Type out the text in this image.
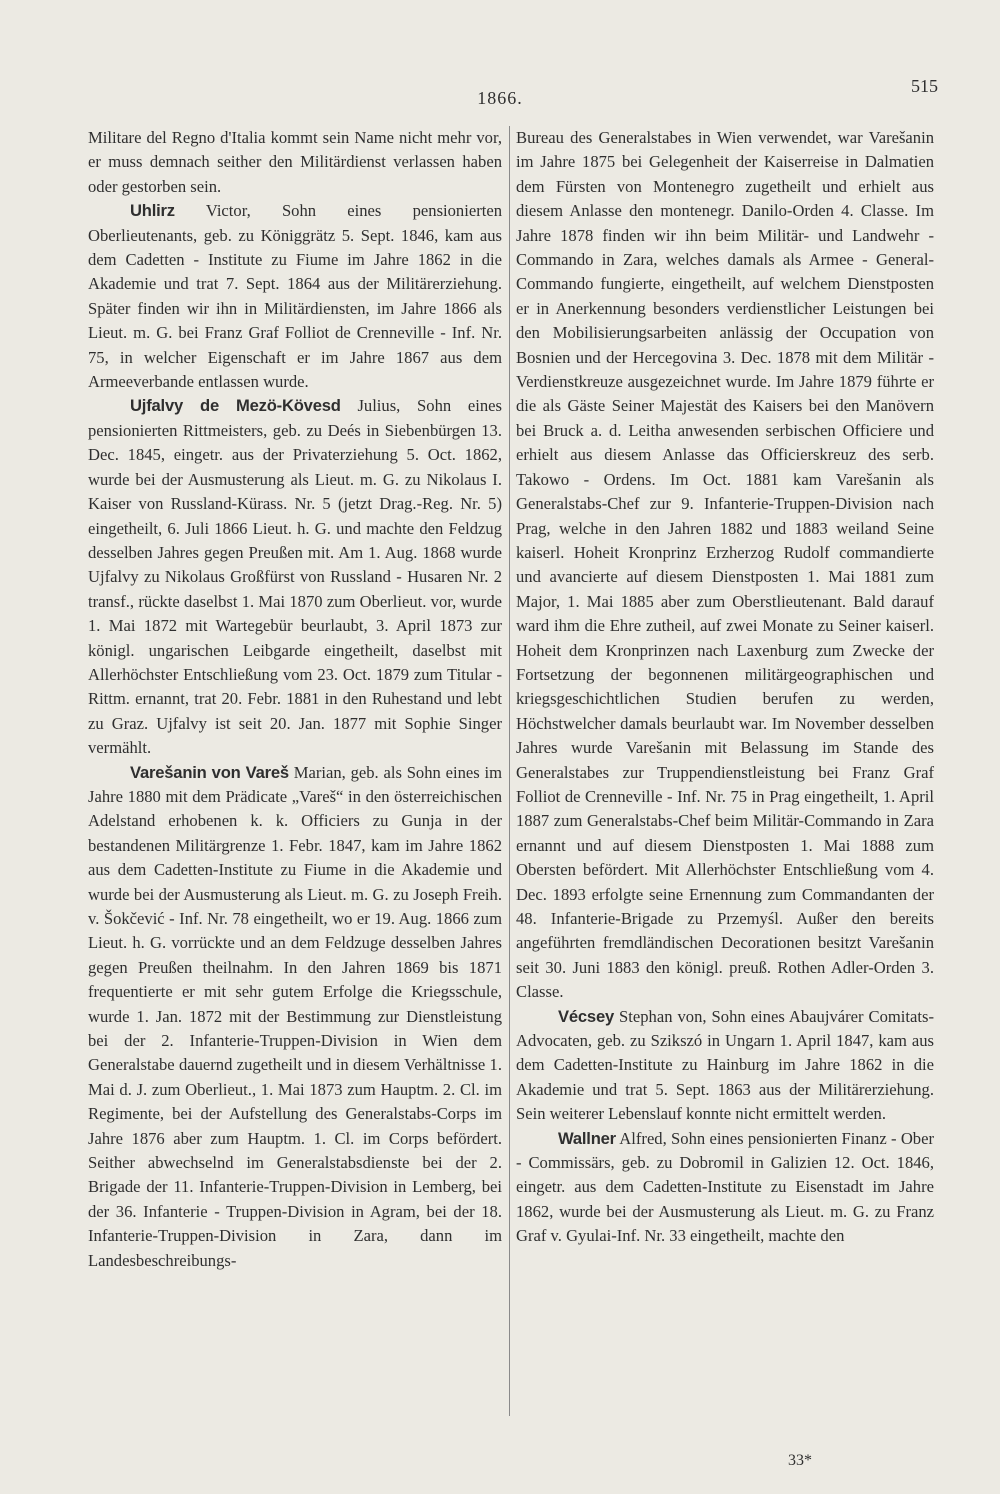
1866.
515

Militare del Regno d'Italia kommt sein Name nicht mehr vor, er muss demnach seither den Militärdienst verlassen haben oder gestorben sein.

Uhlirz Victor, Sohn eines pensionierten Oberlieutenants, geb. zu Königgrätz 5. Sept. 1846, kam aus dem Cadetten - Institute zu Fiume im Jahre 1862 in die Akademie und trat 7. Sept. 1864 aus der Militärerziehung. Später finden wir ihn in Militärdiensten, im Jahre 1866 als Lieut. m. G. bei Franz Graf Folliot de Crenneville - Inf. Nr. 75, in welcher Eigenschaft er im Jahre 1867 aus dem Armeeverbande entlassen wurde.

Ujfalvy de Mezö-Kövesd Julius, Sohn eines pensionierten Rittmeisters, geb. zu Deés in Siebenbürgen 13. Dec. 1845, eingetr. aus der Privaterziehung 5. Oct. 1862, wurde bei der Ausmusterung als Lieut. m. G. zu Nikolaus I. Kaiser von Russland-Kürass. Nr. 5 (jetzt Drag.-Reg. Nr. 5) eingetheilt, 6. Juli 1866 Lieut. h. G. und machte den Feldzug desselben Jahres gegen Preußen mit. Am 1. Aug. 1868 wurde Ujfalvy zu Nikolaus Großfürst von Russland - Husaren Nr. 2 transf., rückte daselbst 1. Mai 1870 zum Oberlieut. vor, wurde 1. Mai 1872 mit Wartegebür beurlaubt, 3. April 1873 zur königl. ungarischen Leibgarde eingetheilt, daselbst mit Allerhöchster Entschließung vom 23. Oct. 1879 zum Titular - Rittm. ernannt, trat 20. Febr. 1881 in den Ruhestand und lebt zu Graz. Ujfalvy ist seit 20. Jan. 1877 mit Sophie Singer vermählt.

Varešanin von Vareš Marian, geb. als Sohn eines im Jahre 1880 mit dem Prädicate „Vareš“ in den österreichischen Adelstand erhobenen k. k. Officiers zu Gunja in der bestandenen Militärgrenze 1. Febr. 1847, kam im Jahre 1862 aus dem Cadetten-Institute zu Fiume in die Akademie und wurde bei der Ausmusterung als Lieut. m. G. zu Joseph Freih. v. Šokčević - Inf. Nr. 78 eingetheilt, wo er 19. Aug. 1866 zum Lieut. h. G. vorrückte und an dem Feldzuge desselben Jahres gegen Preußen theilnahm. In den Jahren 1869 bis 1871 frequentierte er mit sehr gutem Erfolge die Kriegsschule, wurde 1. Jan. 1872 mit der Bestimmung zur Dienstleistung bei der 2. Infanterie-Truppen-Division in Wien dem Generalstabe dauernd zugetheilt und in diesem Verhältnisse 1. Mai d. J. zum Oberlieut., 1. Mai 1873 zum Hauptm. 2. Cl. im Regimente, bei der Aufstellung des Generalstabs-Corps im Jahre 1876 aber zum Hauptm. 1. Cl. im Corps befördert. Seither abwechselnd im Generalstabsdienste bei der 2. Brigade der 11. Infanterie-Truppen-Division in Lemberg, bei der 36. Infanterie - Truppen-Division in Agram, bei der 18. Infanterie-Truppen-Division in Zara, dann im Landesbeschreibungs-

Bureau des Generalstabes in Wien verwendet, war Varešanin im Jahre 1875 bei Gelegenheit der Kaiserreise in Dalmatien dem Fürsten von Montenegro zugetheilt und erhielt aus diesem Anlasse den montenegr. Danilo-Orden 4. Classe. Im Jahre 1878 finden wir ihn beim Militär- und Landwehr - Commando in Zara, welches damals als Armee - General-Commando fungierte, eingetheilt, auf welchem Dienstposten er in Anerkennung besonders verdienstlicher Leistungen bei den Mobilisierungsarbeiten anlässig der Occupation von Bosnien und der Hercegovina 3. Dec. 1878 mit dem Militär - Verdienstkreuze ausgezeichnet wurde. Im Jahre 1879 führte er die als Gäste Seiner Majestät des Kaisers bei den Manövern bei Bruck a. d. Leitha anwesenden serbischen Officiere und erhielt aus diesem Anlasse das Officierskreuz des serb. Takowo - Ordens. Im Oct. 1881 kam Varešanin als Generalstabs-Chef zur 9. Infanterie-Truppen-Division nach Prag, welche in den Jahren 1882 und 1883 weiland Seine kaiserl. Hoheit Kronprinz Erzherzog Rudolf commandierte und avancierte auf diesem Dienstposten 1. Mai 1881 zum Major, 1. Mai 1885 aber zum Oberstlieutenant. Bald darauf ward ihm die Ehre zutheil, auf zwei Monate zu Seiner kaiserl. Hoheit dem Kronprinzen nach Laxenburg zum Zwecke der Fortsetzung der begonnenen militärgeographischen und kriegsgeschichtlichen Studien berufen zu werden, Höchstwelcher damals beurlaubt war. Im November desselben Jahres wurde Varešanin mit Belassung im Stande des Generalstabes zur Truppendienstleistung bei Franz Graf Folliot de Crenneville - Inf. Nr. 75 in Prag eingetheilt, 1. April 1887 zum Generalstabs-Chef beim Militär-Commando in Zara ernannt und auf diesem Dienstposten 1. Mai 1888 zum Obersten befördert. Mit Allerhöchster Entschließung vom 4. Dec. 1893 erfolgte seine Ernennung zum Commandanten der 48. Infanterie-Brigade zu Przemyśl. Außer den bereits angeführten fremdländischen Decorationen besitzt Varešanin seit 30. Juni 1883 den königl. preuß. Rothen Adler-Orden 3. Classe.

Vécsey Stephan von, Sohn eines Abaujvárer Comitats-Advocaten, geb. zu Szikszó in Ungarn 1. April 1847, kam aus dem Cadetten-Institute zu Hainburg im Jahre 1862 in die Akademie und trat 5. Sept. 1863 aus der Militärerziehung. Sein weiterer Lebenslauf konnte nicht ermittelt werden.

Wallner Alfred, Sohn eines pensionierten Finanz - Ober - Commissärs, geb. zu Dobromil in Galizien 12. Oct. 1846, eingetr. aus dem Cadetten-Institute zu Eisenstadt im Jahre 1862, wurde bei der Ausmusterung als Lieut. m. G. zu Franz Graf v. Gyulai-Inf. Nr. 33 eingetheilt, machte den

33*
